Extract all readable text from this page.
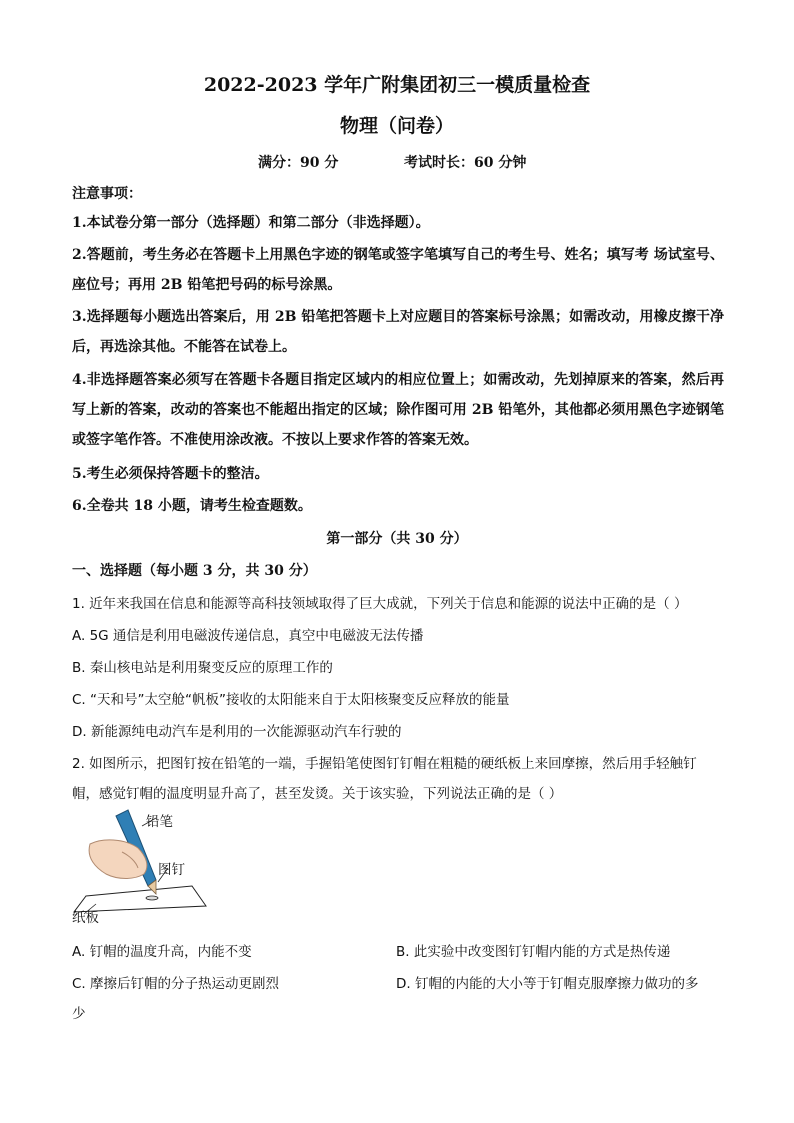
2022-2023 学年广附集团初三一模质量检查
物理（问卷）
满分：90 分	考试时长：60 分钟
注意事项：
1.本试卷分第一部分（选择题）和第二部分（非选择题）。
2.答题前，考生务必在答题卡上用黑色字迹的钢笔或签字笔填写自己的考生号、姓名；填写考 场试室号、座位号；再用 2B 铅笔把号码的标号涂黑。
3.选择题每小题选出答案后，用 2B 铅笔把答题卡上对应题目的答案标号涂黑；如需改动，用橡皮擦干净后，再选涂其他。不能答在试卷上。
4.非选择题答案必须写在答题卡各题目指定区域内的相应位置上；如需改动，先划掉原来的答案，然后再写上新的答案，改动的答案也不能超出指定的区域；除作图可用 2B 铅笔外，其他都必须用黑色字迹钢笔或签字笔作答。不准使用涂改液。不按以上要求作答的答案无效。
5.考生必须保持答题卡的整洁。
6.全卷共 18 小题，请考生检查题数。
第一部分（共 30 分）
一、选择题（每小题 3 分，共 30 分）
1. 近年来我国在信息和能源等高科技领域取得了巨大成就，下列关于信息和能源的说法中正确的是（ ）
A. 5G 通信是利用电磁波传递信息，真空中电磁波无法传播
B. 秦山核电站是利用聚变反应的原理工作的
C. “天和号”太空舱“帆板”接收的太阳能来自于太阳核聚变反应释放的能量
D. 新能源纯电动汽车是利用的一次能源驱动汽车行驶的
2. 如图所示，把图钉按在铅笔的一端，手握铅笔使图钉钉帽在粗糙的硬纸板上来回摩擦，然后用手轻触钉
帽，感觉钉帽的温度明显升高了，甚至发烫。关于该实验，下列说法正确的是（ ）
铅笔
图钉
纸板
A. 钉帽的温度升高，内能不变	B. 此实验中改变图钉钉帽内能的方式是热传递
C. 摩擦后钉帽的分子热运动更剧烈	D. 钉帽的内能的大小等于钉帽克服摩擦力做功的多
少
